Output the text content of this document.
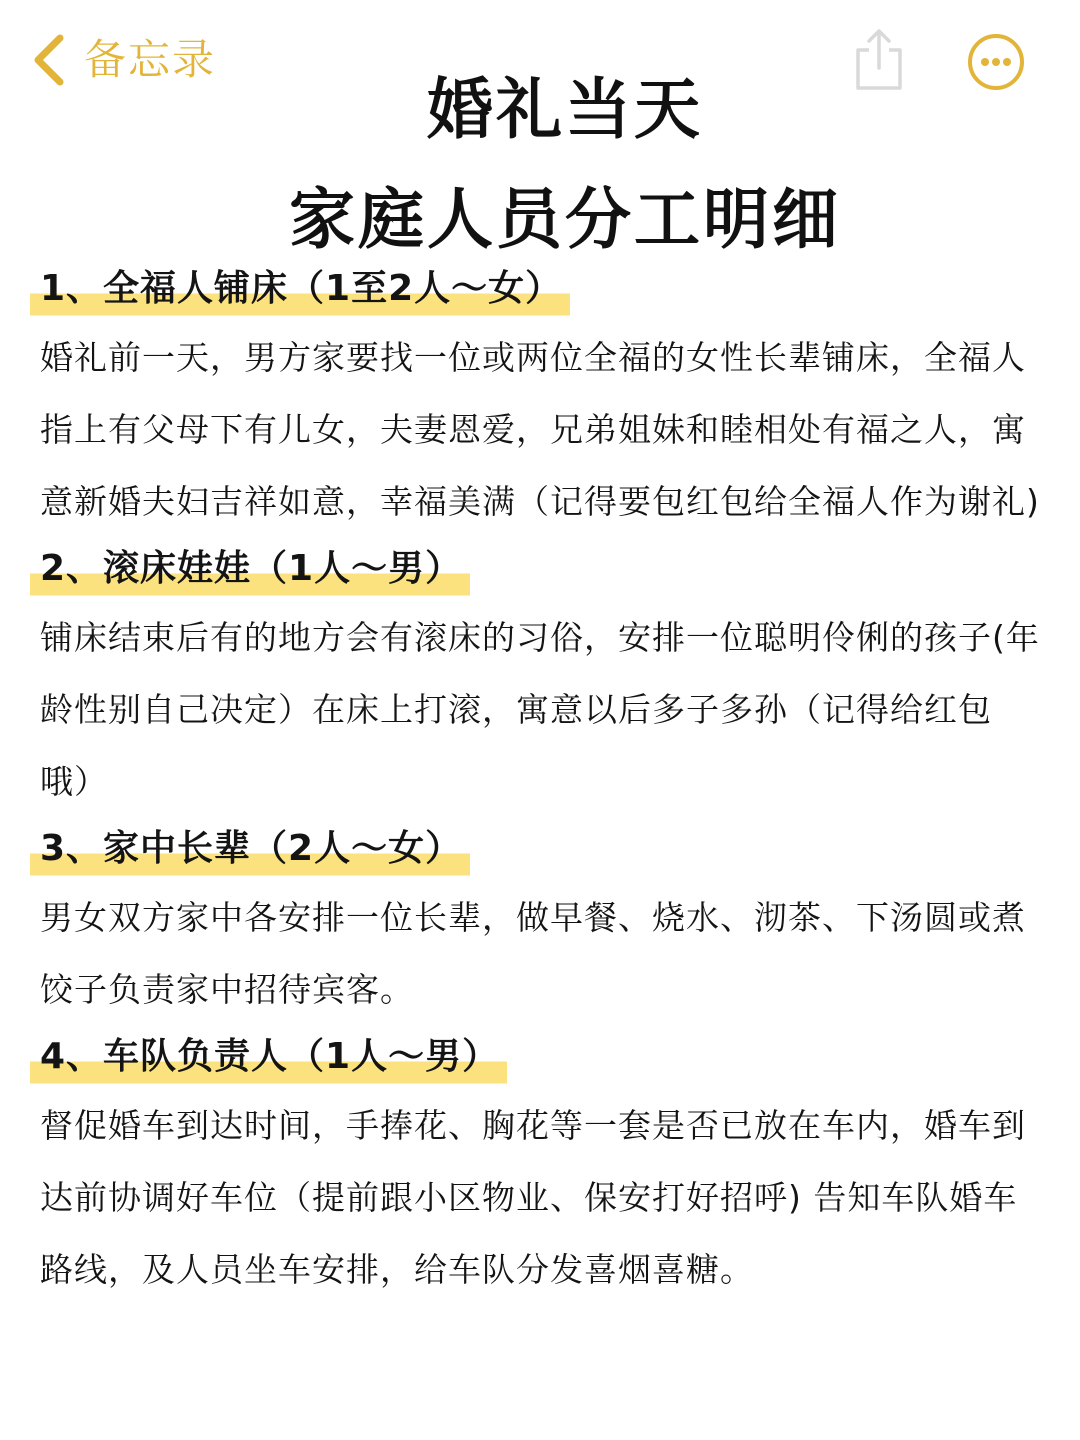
备忘录
婚礼当天
家庭人员分工明细
1、全福人铺床（1至2人～女）
婚礼前一天，男方家要找一位或两位全福的女性长辈铺床，全福人指上有父母下有儿女，夫妻恩爱，兄弟姐妹和睦相处有福之人，寓意新婚夫妇吉祥如意，幸福美满（记得要包红包给全福人作为谢礼)
2、滚床娃娃（1人～男）
铺床结束后有的地方会有滚床的习俗，安排一位聪明伶俐的孩子(年龄性别自己决定）在床上打滚，寓意以后多子多孙（记得给红包哦）
3、家中长辈（2人～女）
男女双方家中各安排一位长辈，做早餐、烧水、沏茶、下汤圆或煮饺子负责家中招待宾客。
4、车队负责人（1人～男）
督促婚车到达时间，手捧花、胸花等一套是否已放在车内，婚车到达前协调好车位（提前跟小区物业、保安打好招呼) 告知车队婚车路线，及人员坐车安排，给车队分发喜烟喜糖。
